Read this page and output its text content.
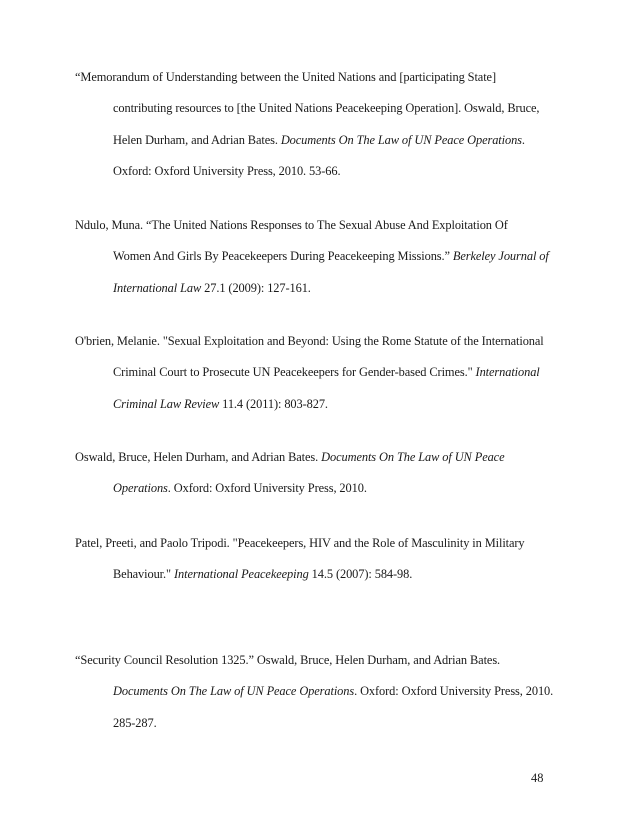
“Memorandum of Understanding between the United Nations and [participating State]
contributing resources to [the United Nations Peacekeeping Operation]. Oswald, Bruce,
Helen Durham, and Adrian Bates. Documents On The Law of UN Peace Operations.
Oxford: Oxford University Press, 2010. 53-66.
Ndulo, Muna. “The United Nations Responses to The Sexual Abuse And Exploitation Of
Women And Girls By Peacekeepers During Peacekeeping Missions.” Berkeley Journal of
International Law 27.1 (2009): 127-161.
O'brien, Melanie. "Sexual Exploitation and Beyond: Using the Rome Statute of the International
Criminal Court to Prosecute UN Peacekeepers for Gender-based Crimes." International
Criminal Law Review 11.4 (2011): 803-827.
Oswald, Bruce, Helen Durham, and Adrian Bates. Documents On The Law of UN Peace
Operations. Oxford: Oxford University Press, 2010.
Patel, Preeti, and Paolo Tripodi. "Peacekeepers, HIV and the Role of Masculinity in Military
Behaviour." International Peacekeeping 14.5 (2007): 584-98.
“Security Council Resolution 1325.” Oswald, Bruce, Helen Durham, and Adrian Bates.
Documents On The Law of UN Peace Operations. Oxford: Oxford University Press, 2010.
285-287.
48
